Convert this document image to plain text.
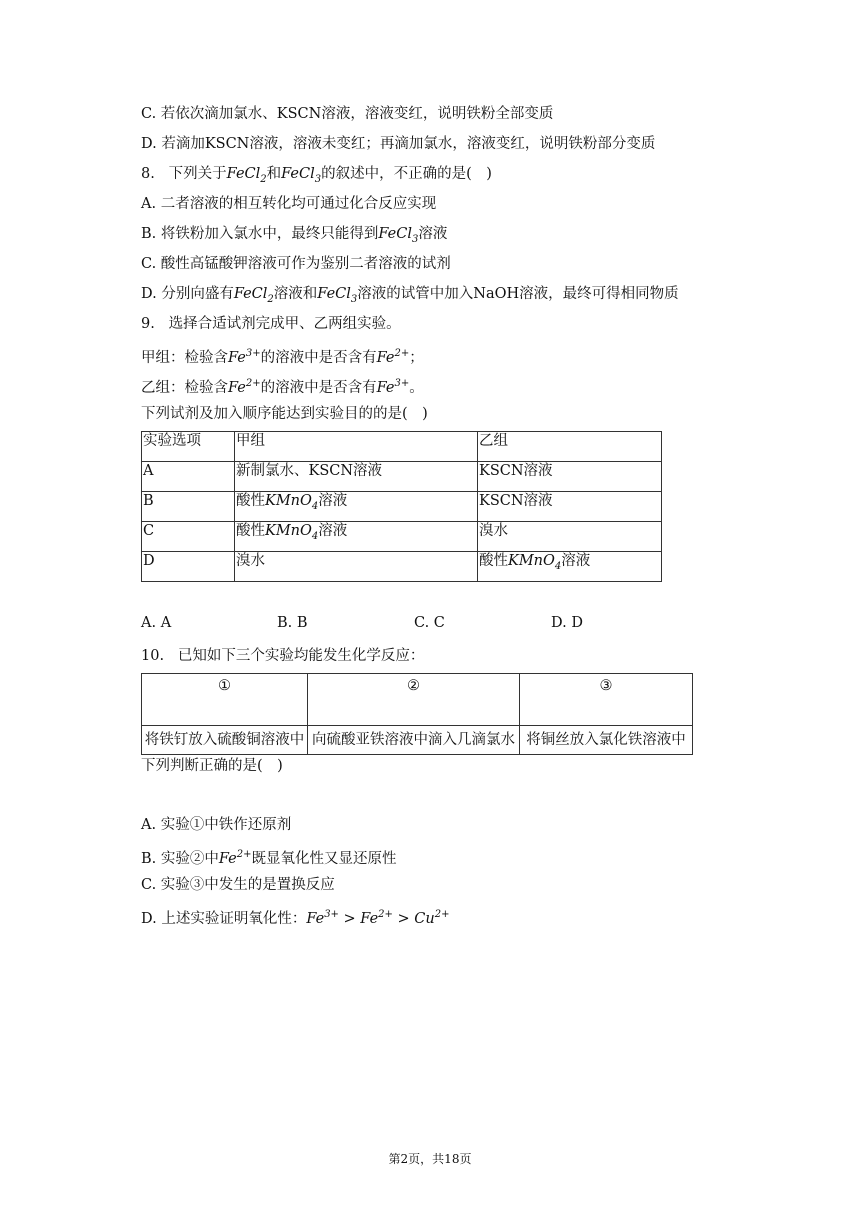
C. 若依次滴加氯水、KSCN溶液，溶液变红，说明铁粉全部变质
D. 若滴加KSCN溶液，溶液未变红；再滴加氯水，溶液变红，说明铁粉部分变质
8. 下列关于FeCl$_2$和FeCl$_3$的叙述中，不正确的是(　)
A. 二者溶液的相互转化均可通过化合反应实现
B. 将铁粉加入氯水中，最终只能得到FeCl$_3$溶液
C. 酸性高锰酸钾溶液可作为鉴别二者溶液的试剂
D. 分别向盛有FeCl$_2$溶液和FeCl$_3$溶液的试管中加入NaOH溶液，最终可得相同物质
9. 选择合适试剂完成甲、乙两组实验。
甲组：检验含$Fe^{3+}$的溶液中是否含有$Fe^{2+}$；
乙组：检验含$Fe^{2+}$的溶液中是否含有$Fe^{3+}$。
下列试剂及加入顺序能达到实验目的的是(　)
实验选项	甲组	乙组
A	新制氯水、KSCN溶液	KSCN溶液
B	酸性KMnO$_4$溶液	KSCN溶液
C	酸性KMnO$_4$溶液	溴水
D	溴水	酸性KMnO$_4$溶液
A. A	B. B	C. C	D. D
10. 已知如下三个实验均能发生化学反应：
①	②	③
将铁钉放入硫酸铜溶液中	向硫酸亚铁溶液中滴入几滴氯水	将铜丝放入氯化铁溶液中
下列判断正确的是(　)
A. 实验①中铁作还原剂
B. 实验②中$Fe^{2+}$既显氧化性又显还原性
C. 实验③中发生的是置换反应
D. 上述实验证明氧化性：$Fe^{3+} > Fe^{2+} > Cu^{2+}$
第2页，共18页
